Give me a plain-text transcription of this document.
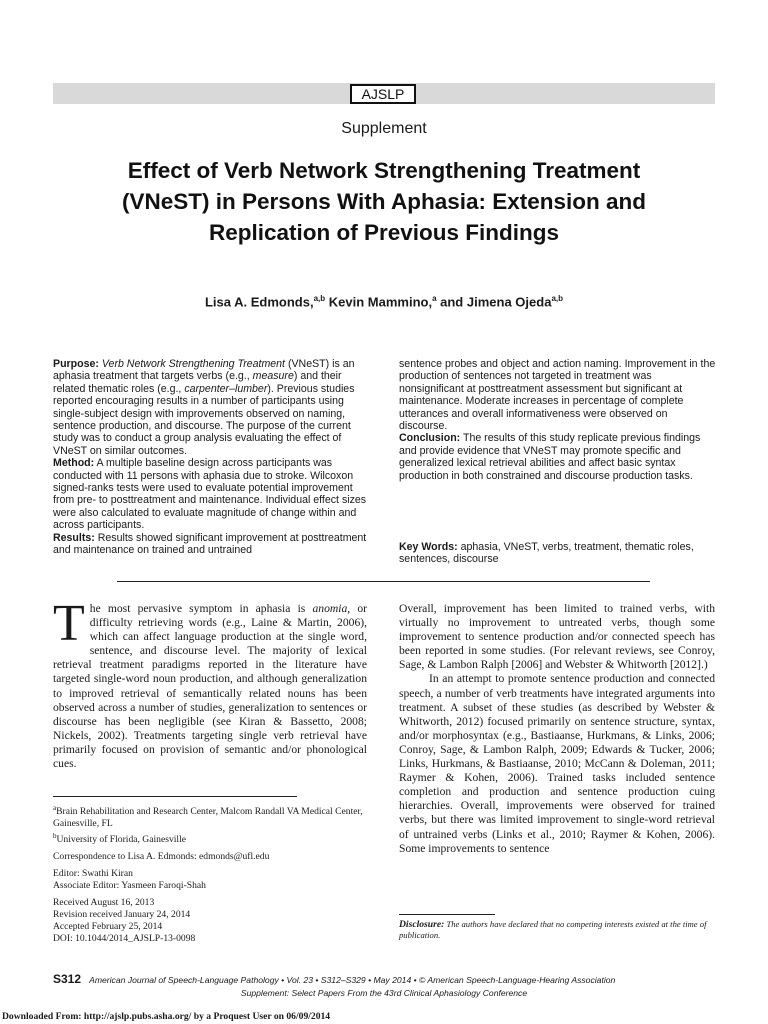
AJSLP
Supplement
Effect of Verb Network Strengthening Treatment (VNeST) in Persons With Aphasia: Extension and Replication of Previous Findings
Lisa A. Edmonds,$^{a,b}$ Kevin Mammino,$^a$ and Jimena Ojeda$^{a,b}$
Purpose: Verb Network Strengthening Treatment (VNeST) is an aphasia treatment that targets verbs (e.g., measure) and their related thematic roles (e.g., carpenter–lumber). Previous studies reported encouraging results in a number of participants using single-subject design with improvements observed on naming, sentence production, and discourse. The purpose of the current study was to conduct a group analysis evaluating the effect of VNeST on similar outcomes.
Method: A multiple baseline design across participants was conducted with 11 persons with aphasia due to stroke. Wilcoxon signed-ranks tests were used to evaluate potential improvement from pre- to posttreatment and maintenance. Individual effect sizes were also calculated to evaluate magnitude of change within and across participants.
Results: Results showed significant improvement at posttreatment and maintenance on trained and untrained
sentence probes and object and action naming. Improvement in the production of sentences not targeted in treatment was nonsignificant at posttreatment assessment but significant at maintenance. Moderate increases in percentage of complete utterances and overall informativeness were observed on discourse.
Conclusion: The results of this study replicate previous findings and provide evidence that VNeST may promote specific and generalized lexical retrieval abilities and affect basic syntax production in both constrained and discourse production tasks.
Key Words: aphasia, VNeST, verbs, treatment, thematic roles, sentences, discourse
T he most pervasive symptom in aphasia is anomia, or difficulty retrieving words (e.g., Laine & Martin, 2006), which can affect language production at the single word, sentence, and discourse level. The majority of lexical retrieval treatment paradigms reported in the literature have targeted single-word noun production, and although generalization to improved retrieval of semantically related nouns has been observed across a number of studies, generalization to sentences or discourse has been negligible (see Kiran & Bassetto, 2008; Nickels, 2002). Treatments targeting single verb retrieval have primarily focused on provision of semantic and/or phonological cues.
Overall, improvement has been limited to trained verbs, with virtually no improvement to untreated verbs, though some improvement to sentence production and/or connected speech has been reported in some studies. (For relevant reviews, see Conroy, Sage, & Lambon Ralph [2006] and Webster & Whitworth [2012].)
In an attempt to promote sentence production and connected speech, a number of verb treatments have integrated arguments into treatment. A subset of these studies (as described by Webster & Whitworth, 2012) focused primarily on sentence structure, syntax, and/or morphosyntax (e.g., Bastiaanse, Hurkmans, & Links, 2006; Conroy, Sage, & Lambon Ralph, 2009; Edwards & Tucker, 2006; Links, Hurkmans, & Bastiaanse, 2010; McCann & Doleman, 2011; Raymer & Kohen, 2006). Trained tasks included sentence completion and production and sentence production cuing hierarchies. Overall, improvements were observed for trained verbs, but there was limited improvement to single-word retrieval of untrained verbs (Links et al., 2010; Raymer & Kohen, 2006). Some improvements to sentence

$^a$Brain Rehabilitation and Research Center, Malcom Randall VA Medical Center, Gainesville, FL

$^b$University of Florida, Gainesville

Correspondence to Lisa A. Edmonds: edmonds@ufl.edu

Editor: Swathi Kiran

Associate Editor: Yasmeen Faroqi-Shah

Received August 16, 2013

Revision received January 24, 2014

Accepted February 25, 2014

DOI: 10.1044/2014_AJSLP-13-0098

Disclosure: The authors have declared that no competing interests existed at the time of publication.
S312 American Journal of Speech-Language Pathology • Vol. 23 • S312–S329 • May 2014 • © American Speech-Language-Hearing Association
Supplement: Select Papers From the 43rd Clinical Aphasiology Conference
Downloaded From: http://ajslp.pubs.asha.org/ by a Proquest User on 06/09/2014
